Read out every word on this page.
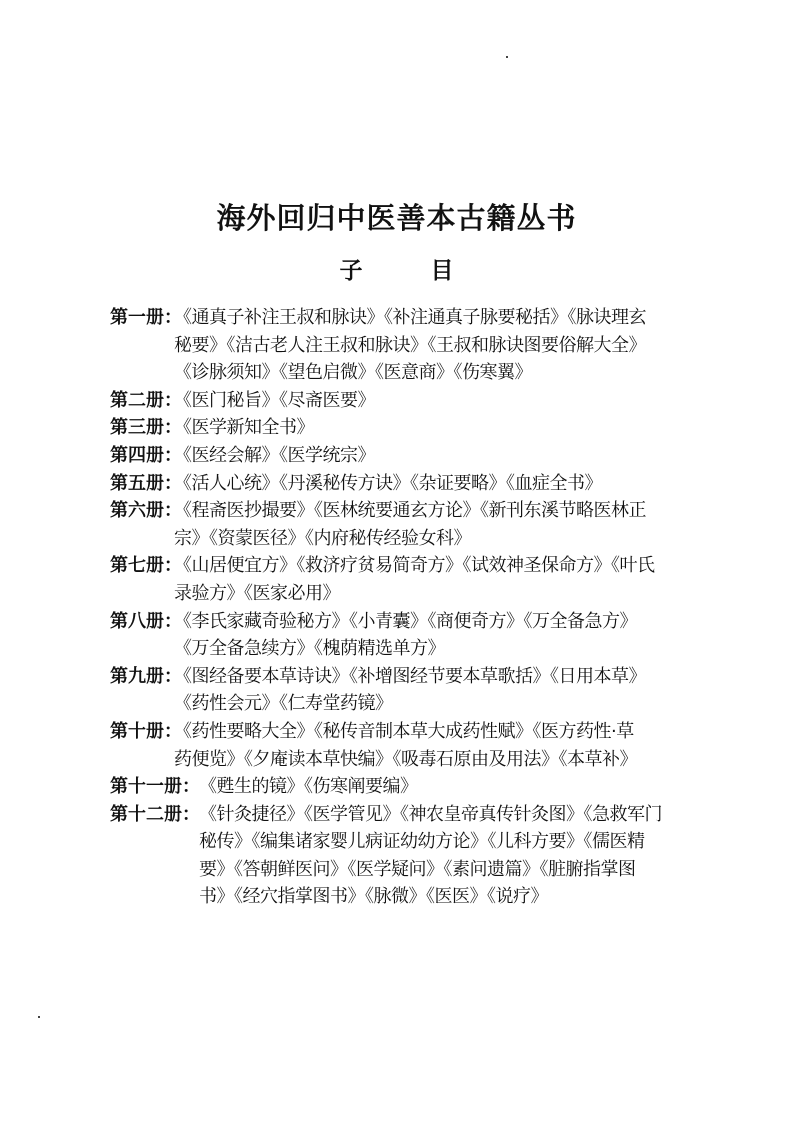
海外回归中医善本古籍丛书
子	目
第一册：
《通真子补注王叔和脉诀》《补注通真子脉要秘括》《脉诀理玄
秘要》《洁古老人注王叔和脉诀》《王叔和脉诀图要俗解大全》
《诊脉须知》《望色启微》《医意商》《伤寒翼》
第二册：
《医门秘旨》《尽斋医要》
第三册：
《医学新知全书》
第四册：
《医经会解》《医学统宗》
第五册：
《活人心统》《丹溪秘传方诀》《杂证要略》《血症全书》
第六册：
《程斋医抄撮要》《医林统要通玄方论》《新刊东溪节略医林正
宗》《资蒙医径》《内府秘传经验女科》
第七册：
《山居便宜方》《救济疗贫易简奇方》《试效神圣保命方》《叶氏
录验方》《医家必用》
第八册：
《李氏家藏奇验秘方》《小青囊》《商便奇方》《万全备急方》
《万全备急续方》《槐荫精选单方》
第九册：
《图经备要本草诗诀》《补增图经节要本草歌括》《日用本草》
《药性会元》《仁寿堂药镜》
第十册：
《药性要略大全》《秘传音制本草大成药性赋》《医方药性·草
药便览》《夕庵读本草快编》《吸毒石原由及用法》《本草补》
第十一册： 《甦生的镜》《伤寒阐要编》
第十二册： 《针灸捷径》《医学管见》《神农皇帝真传针灸图》《急救军门
秘传》《编集诸家婴儿病证幼幼方论》《儿科方要》《儒医精
要》《答朝鲜医问》《医学疑问》《素问遗篇》《脏腑指掌图
书》《经穴指掌图书》《脉微》《医医》《说疗》
